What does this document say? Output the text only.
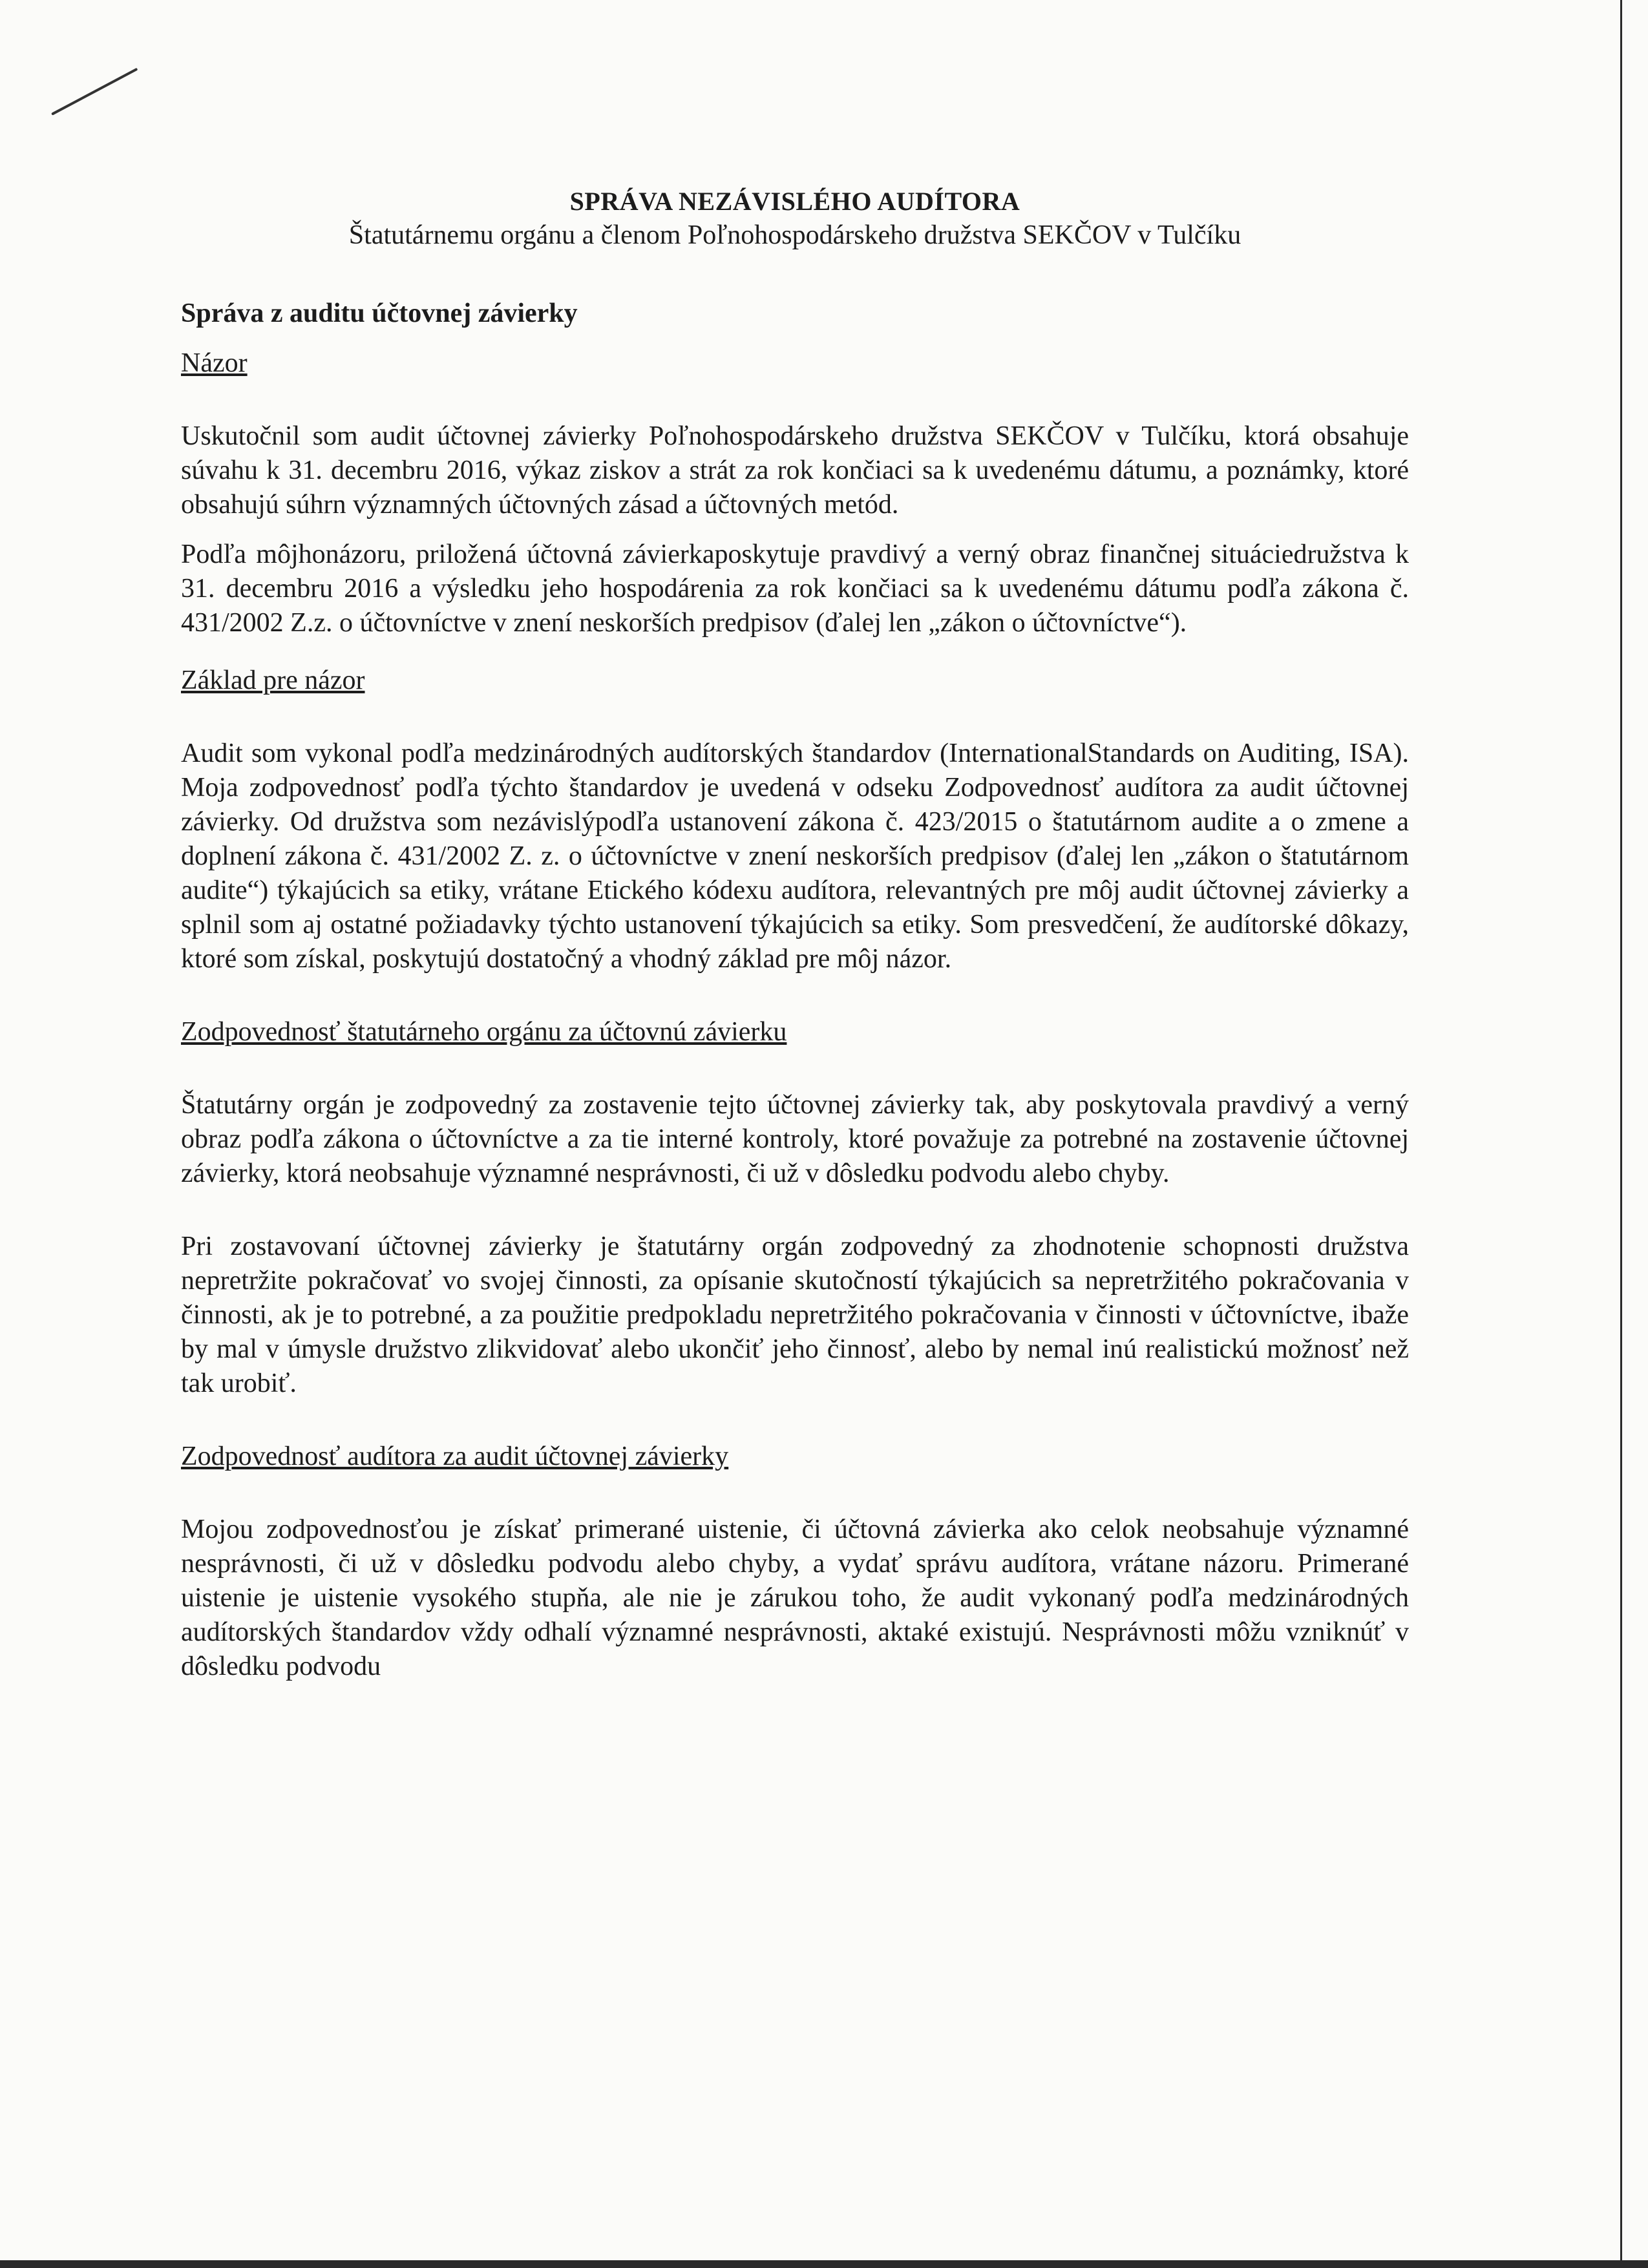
SPRÁVA NEZÁVISLÉHO AUDÍTORA

Štatutárnemu orgánu a členom Poľnohospodárskeho družstva SEKČOV v Tulčíku

Správa z auditu účtovnej závierky

Názor

Uskutočnil som audit účtovnej závierky Poľnohospodárskeho družstva SEKČOV v Tulčíku, ktorá obsahuje súvahu k 31. decembru 2016, výkaz ziskov a strát za rok končiaci sa k uvedenému dátumu, a poznámky, ktoré obsahujú súhrn významných účtovných zásad a účtovných metód.

Podľa môjhonázoru, priložená účtovná závierkaposkytuje pravdivý a verný obraz finančnej situáciedružstva k 31. decembru 2016 a výsledku jeho hospodárenia za rok končiaci sa k uvedenému dátumu podľa zákona č. 431/2002 Z.z. o účtovníctve v znení neskorších predpisov (ďalej len „zákon o účtovníctve“).

Základ pre názor

Audit som vykonal podľa medzinárodných audítorských štandardov (InternationalStandards on Auditing, ISA). Moja zodpovednosť podľa týchto štandardov je uvedená v odseku Zodpovednosť audítora za audit účtovnej závierky. Od družstva som nezávislýpodľa ustanovení zákona č. 423/2015 o štatutárnom audite a o zmene a doplnení zákona č. 431/2002 Z. z. o účtovníctve v znení neskorších predpisov (ďalej len „zákon o štatutárnom audite“) týkajúcich sa etiky, vrátane Etického kódexu audítora, relevantných pre môj audit účtovnej závierky a splnil som aj ostatné požiadavky týchto ustanovení týkajúcich sa etiky. Som presvedčení, že audítorské dôkazy, ktoré som získal, poskytujú dostatočný a vhodný základ pre môj názor.

Zodpovednosť štatutárneho orgánu za účtovnú závierku

Štatutárny orgán je zodpovedný za zostavenie tejto účtovnej závierky tak, aby poskytovala pravdivý a verný obraz podľa zákona o účtovníctve a za tie interné kontroly, ktoré považuje za potrebné na zostavenie účtovnej závierky, ktorá neobsahuje významné nesprávnosti, či už v dôsledku podvodu alebo chyby.

Pri zostavovaní účtovnej závierky je štatutárny orgán zodpovedný za zhodnotenie schopnosti družstva nepretržite pokračovať vo svojej činnosti, za opísanie skutočností týkajúcich sa nepretržitého pokračovania v činnosti, ak je to potrebné, a za použitie predpokladu nepretržitého pokračovania v činnosti v účtovníctve, ibaže by mal v úmysle družstvo zlikvidovať alebo ukončiť jeho činnosť, alebo by nemal inú realistickú možnosť než tak urobiť.

Zodpovednosť audítora za audit účtovnej závierky

Mojou zodpovednosťou je získať primerané uistenie, či účtovná závierka ako celok neobsahuje významné nesprávnosti, či už v dôsledku podvodu alebo chyby, a vydať správu audítora, vrátane názoru. Primerané uistenie je uistenie vysokého stupňa, ale nie je zárukou toho, že audit vykonaný podľa medzinárodných audítorských štandardov vždy odhalí významné nesprávnosti, aktaké existujú. Nesprávnosti môžu vzniknúť v dôsledku podvodu
